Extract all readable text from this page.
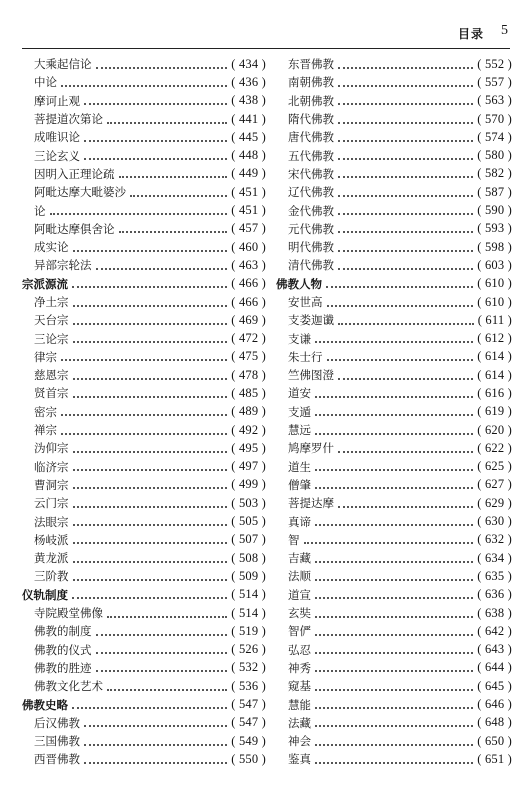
目录 5
大乘起信论	( 434 )
中论	( 436 )
摩诃止观	( 438 )
菩提道次第论	( 441 )
成唯识论	( 445 )
三论玄义	( 448 )
因明入正理论疏	( 449 )
阿毗达摩大毗婆沙	( 451 )
论	( 451 )
阿毗达摩俱舍论	( 457 )
成实论	( 460 )
异部宗轮法	( 463 )
宗派源流	( 466 )
净土宗	( 466 )
天台宗	( 469 )
三论宗	( 472 )
律宗	( 475 )
慈恩宗	( 478 )
贤首宗	( 485 )
密宗	( 489 )
禅宗	( 492 )
沩仰宗	( 495 )
临济宗	( 497 )
曹洞宗	( 499 )
云门宗	( 503 )
法眼宗	( 505 )
杨岐派	( 507 )
黄龙派	( 508 )
三阶教	( 509 )
仪轨制度	( 514 )
寺院殿堂佛像	( 514 )
佛教的制度	( 519 )
佛教的仪式	( 526 )
佛教的胜迹	( 532 )
佛教文化艺术	( 536 )
佛教史略	( 547 )
后汉佛教	( 547 )
三国佛教	( 549 )
西晋佛教	( 550 )
东晋佛教	( 552 )
南朝佛教	( 557 )
北朝佛教	( 563 )
隋代佛教	( 570 )
唐代佛教	( 574 )
五代佛教	( 580 )
宋代佛教	( 582 )
辽代佛教	( 587 )
金代佛教	( 590 )
元代佛教	( 593 )
明代佛教	( 598 )
清代佛教	( 603 )
佛教人物	( 610 )
安世高	( 610 )
支娄迦谶	( 611 )
支谦	( 612 )
朱士行	( 614 )
竺佛图澄	( 614 )
道安	( 616 )
支遁	( 619 )
慧远	( 620 )
鸠摩罗什	( 622 )
道生	( 625 )
僧肇	( 627 )
菩提达摩	( 629 )
真谛	( 630 )
智	( 632 )
吉藏	( 634 )
法顺	( 635 )
道宣	( 636 )
玄奘	( 638 )
智俨	( 642 )
弘忍	( 643 )
神秀	( 644 )
窥基	( 645 )
慧能	( 646 )
法藏	( 648 )
神会	( 650 )
鉴真	( 651 )
